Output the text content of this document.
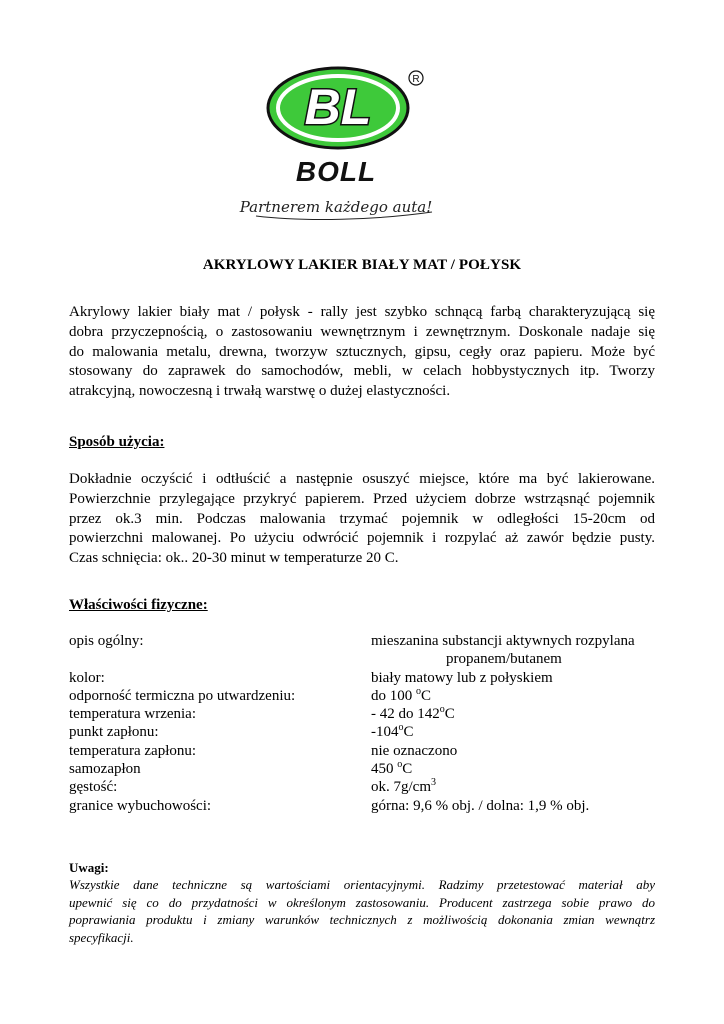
BL	R
BOLL
Partnerem każdego auta!
AKRYLOWY LAKIER BIAŁY MAT / POŁYSK

Akrylowy lakier biały mat / połysk - rally jest szybko schnącą farbą charakteryzującą się
dobra przyczepnością, o zastosowaniu wewnętrznym i zewnętrznym. Doskonale nadaje się
do malowania metalu, drewna, tworzyw sztucznych, gipsu, cegły oraz papieru. Może być
stosowany do zaprawek do samochodów, mebli, w celach hobbystycznych itp. Tworzy
atrakcyjną, nowoczesną i trwałą warstwę o dużej elastyczności.

Sposób użycia:

Dokładnie oczyścić i odtłuścić a następnie osuszyć miejsce, które ma być lakierowane.
Powierzchnie przylegające przykryć papierem. Przed użyciem dobrze wstrząsnąć pojemnik
przez ok.3 min. Podczas malowania trzymać pojemnik w odległości 15-20cm od
powierzchni malowanej. Po użyciu odwrócić pojemnik i rozpylać aż zawór będzie pusty.
Czas schnięcia: ok.. 20-30 minut w temperaturze 20 C.

Właściwości fizyczne:
opis ogólny:	mieszanina substancji aktywnych rozpylana
propanem/butanem
kolor:	biały matowy lub z połyskiem
odporność termiczna po utwardzeniu:	do 100 $^o$C
temperatura wrzenia:	- 42 do 142$^o$C
punkt zapłonu:	-104$^o$C
temperatura zapłonu:	nie oznaczono
samozapłon	450 $^o$C
gęstość:	ok. $7g/cm^3$
granice wybuchowości:	górna: 9,6 % obj. / dolna: 1,9 % obj.
Uwagi:

Wszystkie dane techniczne są wartościami orientacyjnymi. Radzimy przetestować materiał aby
upewnić się co do przydatności w określonym zastosowaniu. Producent zastrzega sobie prawo do
poprawiania produktu i zmiany warunków technicznych z możliwością dokonania zmian wewnątrz
specyfikacji.
